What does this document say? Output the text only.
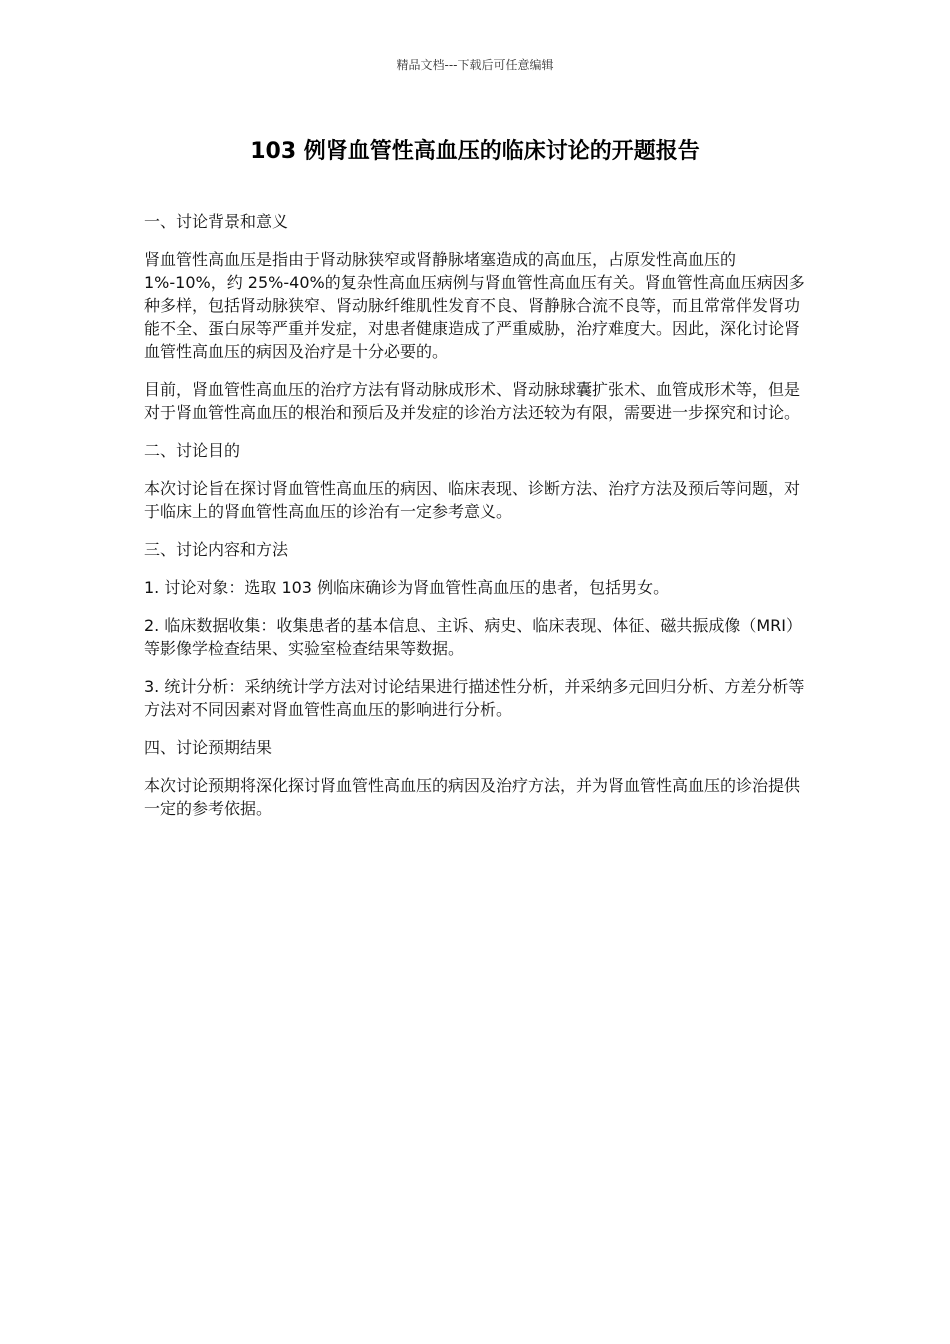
精品文档---下载后可任意编辑
103 例肾血管性高血压的临床讨论的开题报告

一、讨论背景和意义

肾血管性高血压是指由于肾动脉狭窄或肾静脉堵塞造成的高血压，占原发性高血压的 1%-10%，约 25%-40%的复杂性高血压病例与肾血管性高血压有关。肾血管性高血压病因多种多样，包括肾动脉狭窄、肾动脉纤维肌性发育不良、肾静脉合流不良等，而且常常伴发肾功能不全、蛋白尿等严重并发症，对患者健康造成了严重威胁，治疗难度大。因此，深化讨论肾血管性高血压的病因及治疗是十分必要的。

目前，肾血管性高血压的治疗方法有肾动脉成形术、肾动脉球囊扩张术、血管成形术等，但是对于肾血管性高血压的根治和预后及并发症的诊治方法还较为有限，需要进一步探究和讨论。

二、讨论目的

本次讨论旨在探讨肾血管性高血压的病因、临床表现、诊断方法、治疗方法及预后等问题，对于临床上的肾血管性高血压的诊治有一定参考意义。

三、讨论内容和方法

1. 讨论对象：选取 103 例临床确诊为肾血管性高血压的患者，包括男女。

2. 临床数据收集：收集患者的基本信息、主诉、病史、临床表现、体征、磁共振成像（MRI）等影像学检查结果、实验室检查结果等数据。

3. 统计分析：采纳统计学方法对讨论结果进行描述性分析，并采纳多元回归分析、方差分析等方法对不同因素对肾血管性高血压的影响进行分析。

四、讨论预期结果

本次讨论预期将深化探讨肾血管性高血压的病因及治疗方法，并为肾血管性高血压的诊治提供一定的参考依据。
